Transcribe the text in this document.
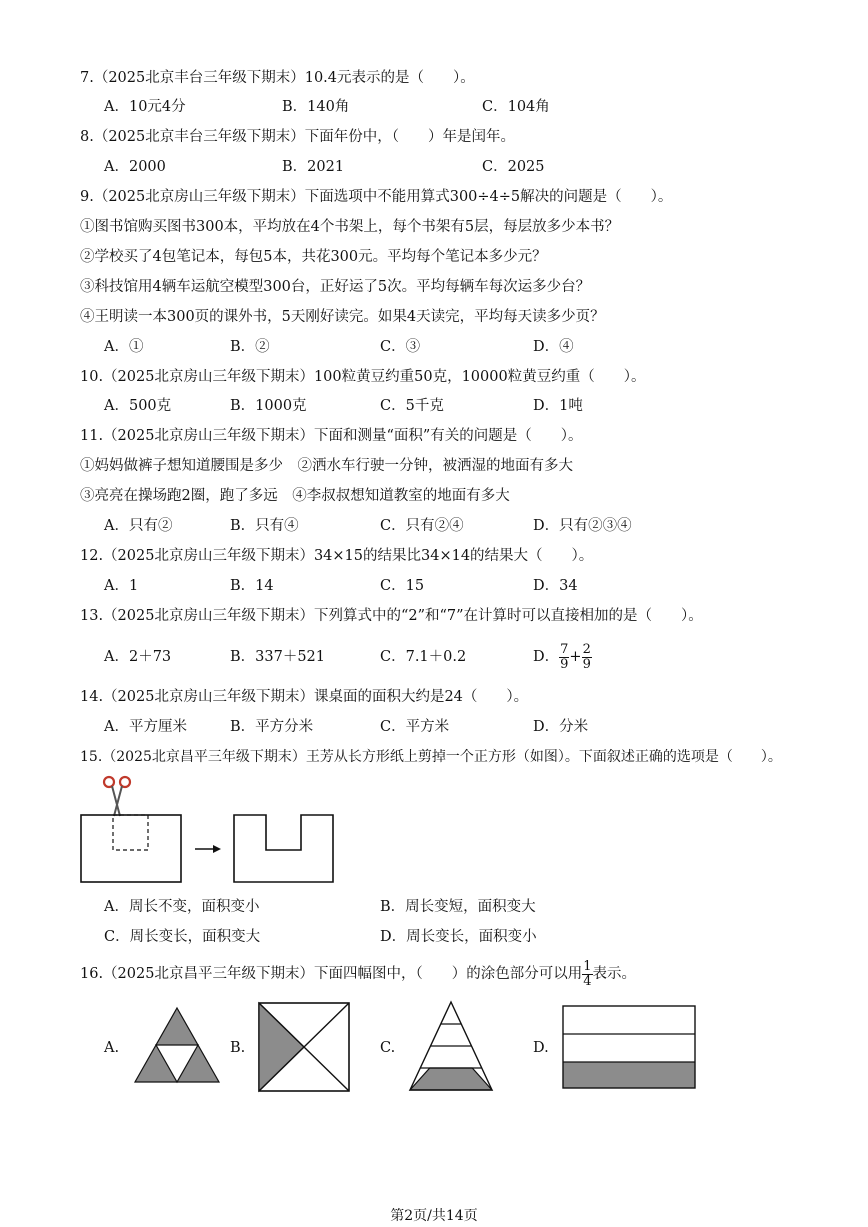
7.（2025北京丰台三年级下期末）10.4元表示的是（　　）。
A．10元4分	B．140角	C．104角
8.（2025北京丰台三年级下期末）下面年份中，（　　）年是闰年。
A．2000	B．2021	C．2025
9.（2025北京房山三年级下期末）下面选项中不能用算式300÷4÷5解决的问题是（　　）。
①图书馆购买图书300本，平均放在4个书架上，每个书架有5层，每层放多少本书？
②学校买了4包笔记本，每包5本，共花300元。平均每个笔记本多少元？
③科技馆用4辆车运航空模型300台，正好运了5次。平均每辆车每次运多少台？
④王明读一本300页的课外书，5天刚好读完。如果4天读完，平均每天读多少页？
A．①	B．②	C．③	D．④
10.（2025北京房山三年级下期末）100粒黄豆约重50克，10000粒黄豆约重（　　）。
A．500克	B．1000克	C．5千克	D．1吨
11.（2025北京房山三年级下期末）下面和测量“面积”有关的问题是（　　）。
①妈妈做裤子想知道腰围是多少　②洒水车行驶一分钟，被洒湿的地面有多大
③亮亮在操场跑2圈，跑了多远　④李叔叔想知道教室的地面有多大
A．只有②	B．只有④	C．只有②④	D．只有②③④
12.（2025北京房山三年级下期末）34×15的结果比34×14的结果大（　　）。
A．1	B．14	C．15	D．34
13.（2025北京房山三年级下期末）下列算式中的“2”和“7”在计算时可以直接相加的是（　　）。
A．2＋73	B．337＋521	C．7.1＋0.2	D． $\frac{7}{9} + \frac{2}{9}$
14.（2025北京房山三年级下期末）课桌面的面积大约是24（　　）。
A．平方厘米	B．平方分米	C．平方米	D．分米
15.（2025北京昌平三年级下期末）王芳从长方形纸上剪掉一个正方形（如图）。下面叙述正确的选项是（　　）。
A．周长不变，面积变小	B．周长变短，面积变大
C．周长变长，面积变大	D．周长变长，面积变小
16.（2025北京昌平三年级下期末）下面四幅图中，（　　）的涂色部分可以用 $\frac{1}{4}$ 表示。
A.	B.	C.	D.
第2页/共14页
